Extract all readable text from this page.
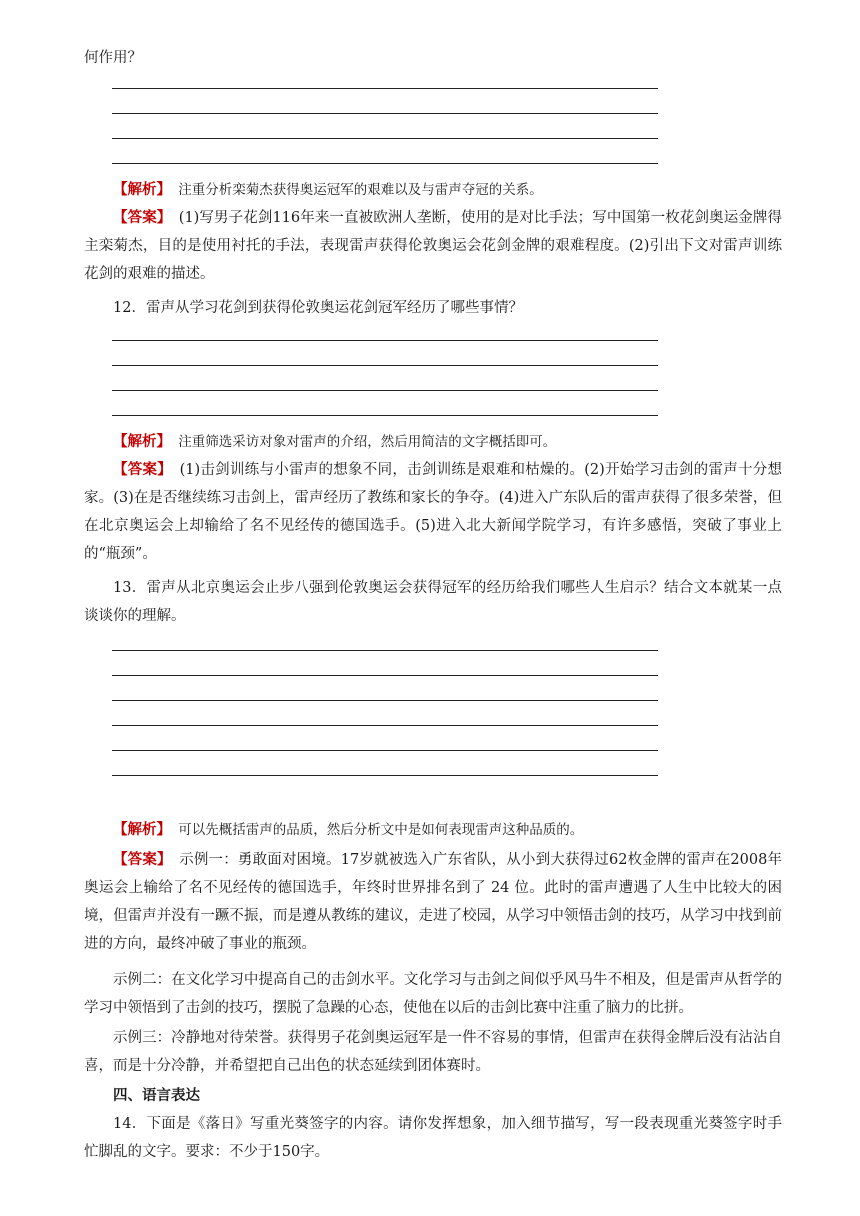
何作用？

【解析】　 注重分析栾菊杰获得奥运冠军的艰难以及与雷声夺冠的关系。

【答案】　 (1)写男子花剑116年来一直被欧洲人垄断，使用的是对比手法；写中国第一枚花剑奥运金牌得主栾菊杰，目的是使用衬托的手法，表现雷声获得伦敦奥运会花剑金牌的艰难程度。(2)引出下文对雷声训练花剑的艰难的描述。

12．雷声从学习花剑到获得伦敦奥运花剑冠军经历了哪些事情？

【解析】　 注重筛选采访对象对雷声的介绍，然后用简洁的文字概括即可。

【答案】　 (1)击剑训练与小雷声的想象不同，击剑训练是艰难和枯燥的。(2)开始学习击剑的雷声十分想家。(3)在是否继续练习击剑上，雷声经历了教练和家长的争夺。(4)进入广东队后的雷声获得了很多荣誉，但在北京奥运会上却输给了名不见经传的德国选手。(5)进入北大新闻学院学习，有许多感悟，突破了事业上的“瓶颈”。

13．雷声从北京奥运会止步八强到伦敦奥运会获得冠军的经历给我们哪些人生启示？结合文本就某一点谈谈你的理解。

【解析】　 可以先概括雷声的品质，然后分析文中是如何表现雷声这种品质的。

【答案】　 示例一：勇敢面对困境。17岁就被选入广东省队，从小到大获得过62枚金牌的雷声在2008年奥运会上输给了名不见经传的德国选手，年终时世界排名到了 24 位。此时的雷声遭遇了人生中比较大的困境，但雷声并没有一蹶不振，而是遵从教练的建议，走进了校园，从学习中领悟击剑的技巧，从学习中找到前进的方向，最终冲破了事业的瓶颈。

示例二：在文化学习中提高自己的击剑水平。文化学习与击剑之间似乎风马牛不相及，但是雷声从哲学的学习中领悟到了击剑的技巧，摆脱了急躁的心态，使他在以后的击剑比赛中注重了脑力的比拼。

示例三：冷静地对待荣誉。获得男子花剑奥运冠军是一件不容易的事情，但雷声在获得金牌后没有沾沾自喜，而是十分冷静，并希望把自己出色的状态延续到团体赛时。

四、语言表达

14．下面是《落日》写重光葵签字的内容。请你发挥想象，加入细节描写，写一段表现重光葵签字时手忙脚乱的文字。要求：不少于150字。
